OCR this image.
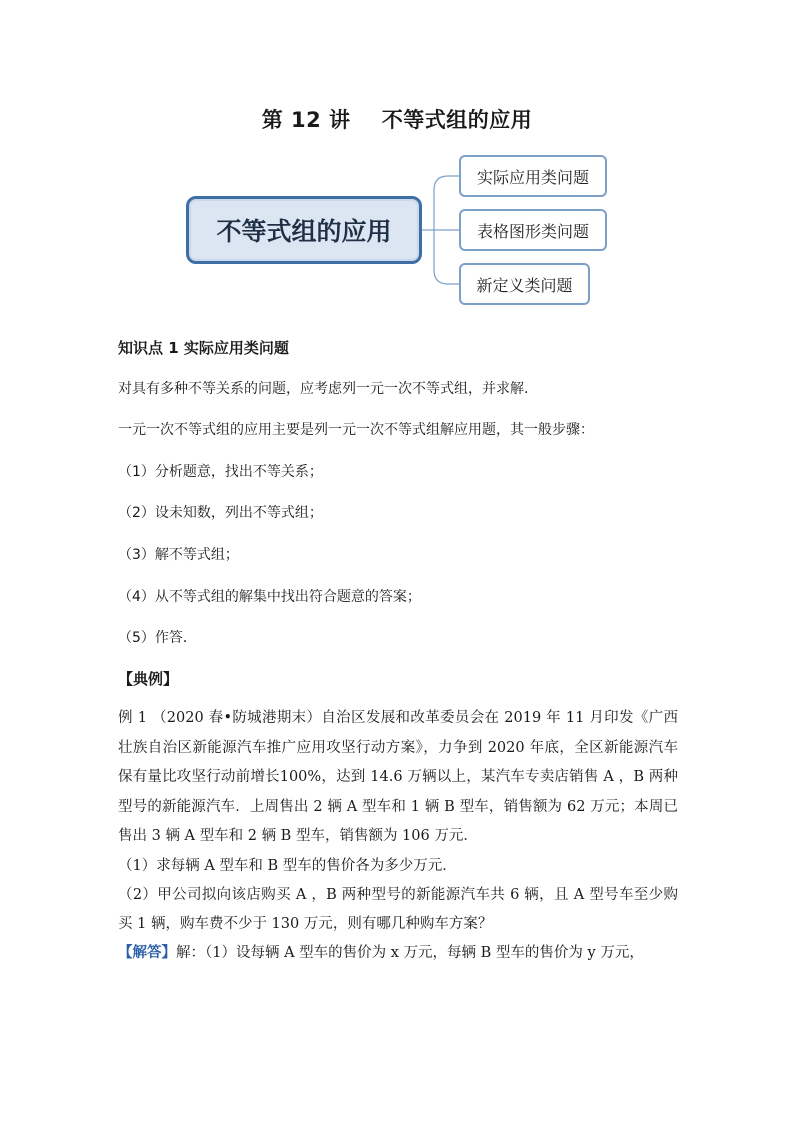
第 12 讲 不等式组的应用
不等式组的应用
实际应用类问题
表格图形类问题
新定义类问题

知识点 1 实际应用类问题

对具有多种不等关系的问题，应考虑列一元一次不等式组，并求解．

一元一次不等式组的应用主要是列一元一次不等式组解应用题，其一般步骤：

（1）分析题意，找出不等关系；

（2）设未知数，列出不等式组；

（3）解不等式组；

（4）从不等式组的解集中找出符合题意的答案；

（5）作答．

【典例】

例 1 （2020 春•防城港期末）自治区发展和改革委员会在 2019 年 11 月印发《广西壮族自治区新能源汽车推广应用攻坚行动方案》，力争到 2020 年底，全区新能源汽车保有量比攻坚行动前增长100%，达到 14.6 万辆以上，某汽车专卖店销售 A ，B 两种型号的新能源汽车．上周售出 2 辆 A 型车和 1 辆 B 型车，销售额为 62 万元；本周已售出 3 辆 A 型车和 2 辆 B 型车，销售额为 106 万元．

（1）求每辆 A 型车和 B 型车的售价各为多少万元．

（2）甲公司拟向该店购买 A ，B 两种型号的新能源汽车共 6 辆，且 A 型号车至少购买 1 辆，购车费不少于 130 万元，则有哪几种购车方案？

【解答】解：（1）设每辆 A 型车的售价为 x 万元，每辆 B 型车的售价为 y 万元，
